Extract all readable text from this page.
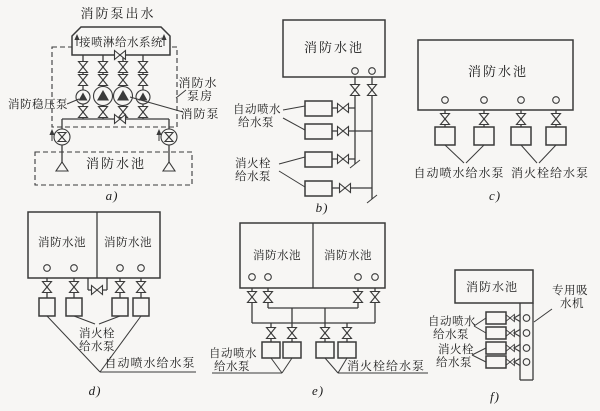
消防泵出水
接喷淋给水系统
消防稳压泵
消防水
泵房
消防泵
消防水池
a)
消防水池
自动喷水
给水泵
消火栓
给水泵
b)
消防水池
自动喷水给水泵 消火栓给水泵
c)
消防水池 消防水池
消火栓
给水泵
自动喷水给水泵
d)
消防水池 消防水池
自动喷水
给水泵	消火栓给水泵
e)
消防水池	专用吸
水机
自动喷水
给水泵
消火栓
给水泵
f)
